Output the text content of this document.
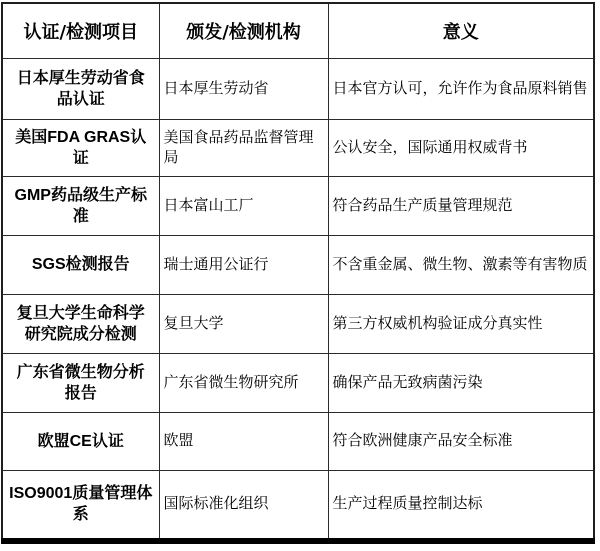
认证/检测项目	颁发/检测机构	意义
日本厚生劳动省食品认证	日本厚生劳动省	日本官方认可，允许作为食品原料销售
美国FDA GRAS认证	美国食品药品监督管理局	公认安全，国际通用权威背书
GMP药品级生产标准	日本富山工厂	符合药品生产质量管理规范
SGS检测报告	瑞士通用公证行	不含重金属、微生物、激素等有害物质
复旦大学生命科学研究院成分检测	复旦大学	第三方权威机构验证成分真实性
广东省微生物分析报告	广东省微生物研究所	确保产品无致病菌污染
欧盟CE认证	欧盟	符合欧洲健康产品安全标准
ISO9001质量管理体系	国际标准化组织	生产过程质量控制达标
